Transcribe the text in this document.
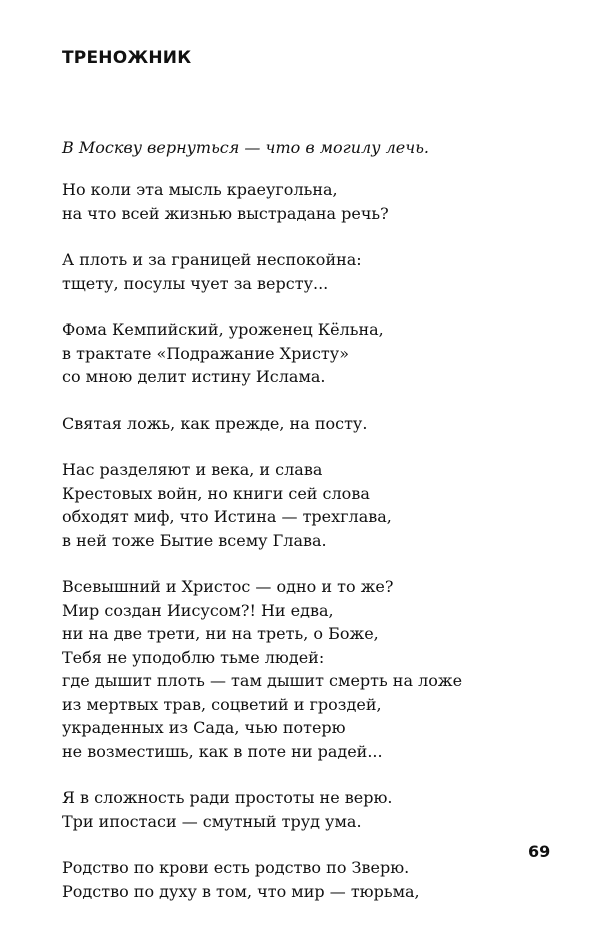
ТРЕНОЖНИК

В Москву вернуться — что в могилу лечь.

Но коли эта мысль краеугольна,
на что всей жизнью выстрадана речь?
А плоть и за границей неспокойна:
тщету, посулы чует за версту...
Фома Кемпийский, уроженец Кёльна,
в трактате «Подражание Христу»
со мною делит истину Ислама.
Святая ложь, как прежде, на посту.
Нас разделяют и века, и слава
Крестовых войн, но книги сей слова
обходят миф, что Истина — трехглава,
в ней тоже Бытие всему Глава.
Всевышний и Христос — одно и то же?
Мир создан Иисусом?! Ни едва,
ни на две трети, ни на треть, о Боже,
Тебя не уподоблю тьме людей:
где дышит плоть — там дышит смерть на ложе
из мертвых трав, соцветий и гроздей,
украденных из Сада, чью потерю
не возместишь, как в поте ни радей...
Я в сложность ради простоты не верю.
Три ипостаси — смутный труд ума.
Родство по крови есть родство по Зверю.
Родство по духу в том, что мир — тюрьма,
69
